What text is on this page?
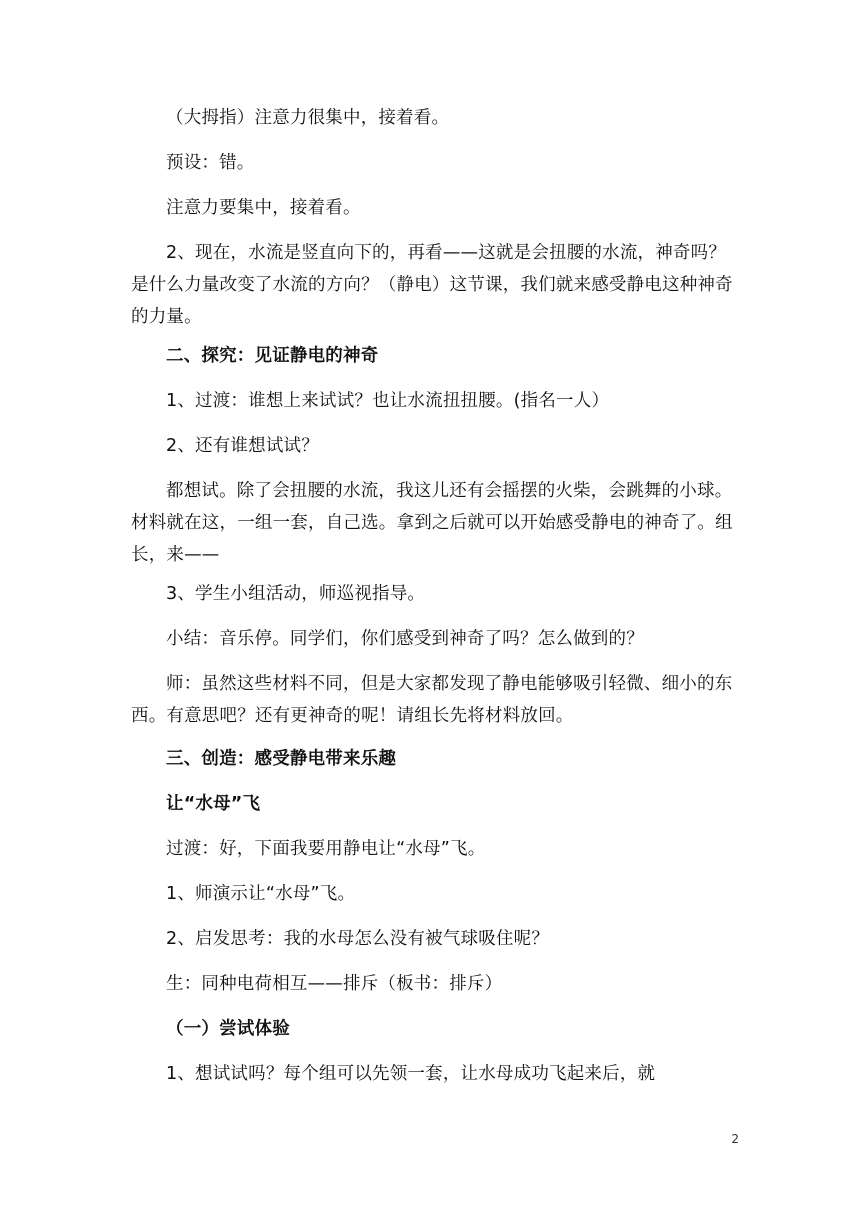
（大拇指）注意力很集中，接着看。
预设：错。
注意力要集中，接着看。
2、现在，水流是竖直向下的，再看——这就是会扭腰的水流，神奇吗？是什么力量改变了水流的方向？（静电）这节课，我们就来感受静电这种神奇的力量。
二、探究：见证静电的神奇
1、过渡：谁想上来试试？也让水流扭扭腰。(指名一人）
2、还有谁想试试？
都想试。除了会扭腰的水流，我这儿还有会摇摆的火柴，会跳舞的小球。材料就在这，一组一套，自己选。拿到之后就可以开始感受静电的神奇了。组长，来——
3、学生小组活动，师巡视指导。
小结：音乐停。同学们，你们感受到神奇了吗？怎么做到的？
师：虽然这些材料不同，但是大家都发现了静电能够吸引轻微、细小的东西。有意思吧？还有更神奇的呢！请组长先将材料放回。
三、创造：感受静电带来乐趣
让“水母”飞
过渡：好，下面我要用静电让“水母”飞。
1、师演示让“水母”飞。
2、启发思考：我的水母怎么没有被气球吸住呢？
生：同种电荷相互——排斥（板书：排斥）
（一）尝试体验
1、想试试吗？每个组可以先领一套，让水母成功飞起来后，就
2
